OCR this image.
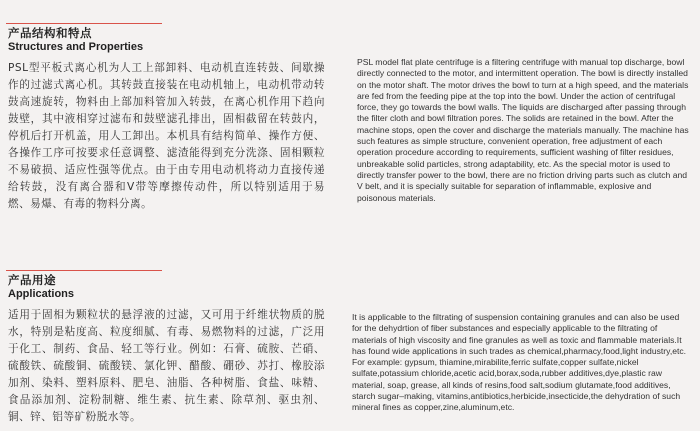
产品结构和特点
Structures and Properties

PSL型平板式离心机为人工上部卸料、电动机直连转鼓、间歇操作的过滤式离心机。其转鼓直接装在电动机轴上，电动机带动转鼓高速旋转，物料由上部加料管加入转鼓，在离心机作用下趋向鼓壁，其中液相穿过滤布和鼓壁滤孔排出，固相截留在转鼓内，停机后打开机盖，用人工卸出。本机具有结构简单、操作方便、各操作工序可按要求任意调整、滤渣能得到充分洗涤、固相颗粒不易破损、适应性强等优点。由于由专用电动机将动力直接传递给转鼓，没有离合器和V带等摩擦传动件，所以特别适用于易燃、易爆、有毒的物料分离。

PSL model flat plate centrifuge is a filtering centrifuge with manual top discharge, bowl directly connected to the motor, and intermittent operation. The bowl is directly installed on the motor shaft. The motor drives the bowl to turn at a high speed, and the materials are fed from the feeding pipe at the top into the bowl. Under the action of centrifugal force, they go towards the bowl walls. The liquids are discharged after passing through the filter cloth and bowl filtration pores. The solids are retained in the bowl. After the machine stops, open the cover and discharge the materials manually. The machine has such features as simple structure, convenient operation, free adjustment of each operation procedure according to requirements, sufficient washing of filter residues, unbreakable solid particles, strong adaptability, etc. As the special motor is used to directly transfer power to the bowl, there are no friction driving parts such as clutch and V belt, and it is specially suitable for separation of inflammable, explosive and poisonous materials.

产品用途
Applications

适用于固相为颗粒状的悬浮液的过滤，又可用于纤维状物质的脱水，特别是粘度高、粒度细腻、有毒、易燃物料的过滤，广泛用于化工、制药、食品、轻工等行业。例如：石膏、硫胺、芒硝、硫酸铁、硫酸铜、硫酸镁、氯化钾、醋酸、硼砂、苏打、橡胶添加剂、染料、塑料原料、肥皂、油脂、各种树脂、食盐、味精、食品添加剂、淀粉制糖、维生素、抗生素、除草剂、驱虫剂、铜、锌、铝等矿粉脱水等。

It is applicable to the filtrating of suspension containing granules and can also be used for the dehydrtion of fiber substances and especially applicable to the filtrating of materials of high viscosity and fine granules as well as toxic and flammable materials.It has found wide applications in such trades as chemical,pharmacy,food,light industry,etc. For example: gypsum, thiamine,mirabilite,ferric sulfate,copper sulfate,nickel sulfate,potassium chloride,acetic acid,borax,soda,rubber additives,dye,plastic raw material, soap, grease, all kinds of resins,food salt,sodium glutamate,food additives, starch sugar–making, vitamins,antibiotics,herbicide,insecticide,the dehydration of such mineral fines as copper,zine,aluminum,etc.
